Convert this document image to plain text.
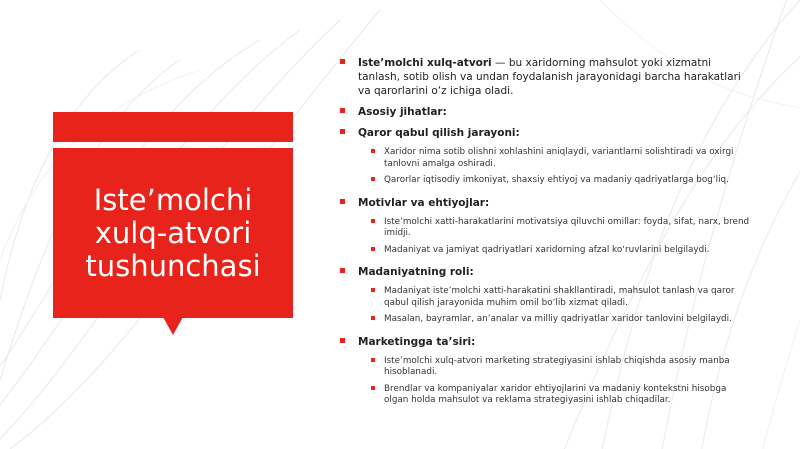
Iste’molchi xulq-atvori tushunchasi
Iste’molchi xulq-atvori — bu xaridorning mahsulot yoki xizmatni tanlash, sotib olish va undan foydalanish jarayonidagi barcha harakatlari va qarorlarini o‘z ichiga oladi.
Asosiy jihatlar:
Qaror qabul qilish jarayoni:
Xaridor nima sotib olishni xohlashini aniqlaydi, variantlarni solishtiradi va oxirgi tanlovni amalga oshiradi.
Qarorlar iqtisodiy imkoniyat, shaxsiy ehtiyoj va madaniy qadriyatlarga bog‘liq.
Motivlar va ehtiyojlar:
Iste’molchi xatti-harakatlarini motivatsiya qiluvchi omillar: foyda, sifat, narx, brend imidji.
Madaniyat va jamiyat qadriyatlari xaridorning afzal ko‘ruvlarini belgilaydi.
Madaniyatning roli:
Madaniyat iste’molchi xatti-harakatini shakllantiradi, mahsulot tanlash va qaror qabul qilish jarayonida muhim omil bo‘lib xizmat qiladi.
Masalan, bayramlar, an’analar va milliy qadriyatlar xaridor tanlovini belgilaydi.
Marketingga ta’siri:
Iste’molchi xulq-atvori marketing strategiyasini ishlab chiqishda asosiy manba hisoblanadi.
Brendlar va kompaniyalar xaridor ehtiyojlarini va madaniy kontekstni hisobga olgan holda mahsulot va reklama strategiyasini ishlab chiqadilar.
